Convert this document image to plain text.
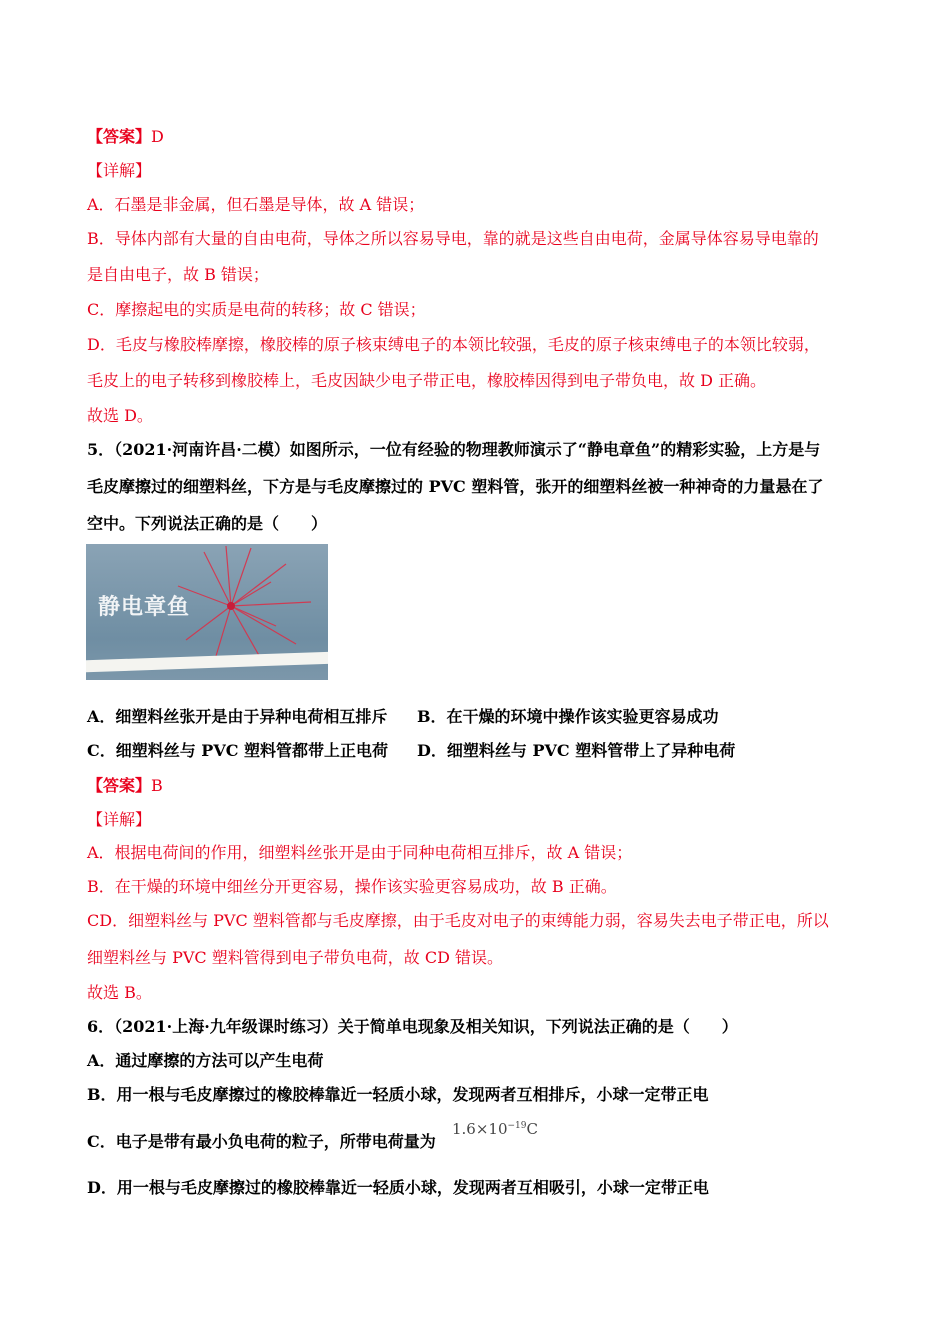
【答案】D
【详解】
A．石墨是非金属，但石墨是导体，故 A 错误；
B．导体内部有大量的自由电荷，导体之所以容易导电，靠的就是这些自由电荷，金属导体容易导电靠的
是自由电子，故 B 错误；
C．摩擦起电的实质是电荷的转移；故 C 错误；
D．毛皮与橡胶棒摩擦，橡胶棒的原子核束缚电子的本领比较强，毛皮的原子核束缚电子的本领比较弱，
毛皮上的电子转移到橡胶棒上，毛皮因缺少电子带正电，橡胶棒因得到电子带负电，故 D 正确。
故选 D。
5．（2021·河南许昌·二模）如图所示，一位有经验的物理教师演示了“静电章鱼”的精彩实验，上方是与
毛皮摩擦过的细塑料丝，下方是与毛皮摩擦过的 PVC 塑料管，张开的细塑料丝被一种神奇的力量悬在了
空中。下列说法正确的是（　　）
静电章鱼
A．细塑料丝张开是由于异种电荷相互排斥 B．在干燥的环境中操作该实验更容易成功
C．细塑料丝与 PVC 塑料管都带上正电荷 D．细塑料丝与 PVC 塑料管带上了异种电荷
【答案】B
【详解】
A．根据电荷间的作用，细塑料丝张开是由于同种电荷相互排斥，故 A 错误；
B．在干燥的环境中细丝分开更容易，操作该实验更容易成功，故 B 正确。
CD．细塑料丝与 PVC 塑料管都与毛皮摩擦，由于毛皮对电子的束缚能力弱，容易失去电子带正电，所以
细塑料丝与 PVC 塑料管得到电子带负电荷，故 CD 错误。
故选 B。
6．（2021·上海·九年级课时练习）关于简单电现象及相关知识，下列说法正确的是（　　）
A．通过摩擦的方法可以产生电荷
B．用一根与毛皮摩擦过的橡胶棒靠近一轻质小球，发现两者互相排斥，小球一定带正电
C．电子是带有最小负电荷的粒子，所带电荷量为
$1.6\times 10^{-19}C$
D．用一根与毛皮摩擦过的橡胶棒靠近一轻质小球，发现两者互相吸引，小球一定带正电
